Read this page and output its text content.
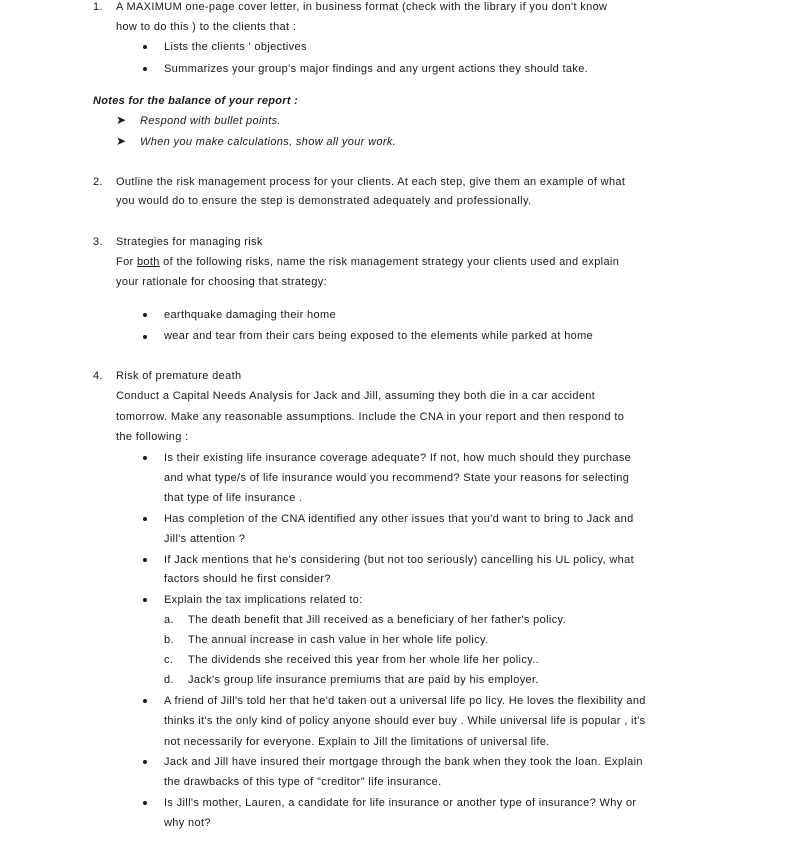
1. A MAXIMUM one-page cover letter, in business format (check with the library if you don't know
how to do this ) to the clients that :
Lists the clients ' objectives
Summarizes your group's major findings and any urgent actions they should take.
Notes for the balance of your report :
➤ Respond with bullet points.
➤ When you make calculations, show all your work.
2. Outline the risk management process for your clients. At each step, give them an example of what
you would do to ensure the step is demonstrated adequately and professionally.
3. Strategies for managing risk
For both of the following risks, name the risk management strategy your clients used and explain
your rationale for choosing that strategy:
earthquake damaging their home
wear and tear from their cars being exposed to the elements while parked at home
4. Risk of premature death
Conduct a Capital Needs Analysis for Jack and Jill, assuming they both die in a car accident
tomorrow. Make any reasonable assumptions. Include the CNA in your report and then respond to
the following :
Is their existing life insurance coverage adequate? If not, how much should they purchase
and what type/s of life insurance would you recommend? State your reasons for selecting
that type of life insurance .
Has completion of the CNA identified any other issues that you'd want to bring to Jack and
Jill's attention ?
If Jack mentions that he's considering (but not too seriously) cancelling his UL policy, what
factors should he first consider?
Explain the tax implications related to:
a. The death benefit that Jill received as a beneficiary of her father's policy.
b. The annual increase in cash value in her whole life policy.
c. The dividends she received this year from her whole life her policy..
d. Jack's group life insurance premiums that are paid by his employer.
A friend of Jill's told her that he'd taken out a universal life po licy. He loves the flexibility and
thinks it's the only kind of policy anyone should ever buy . While universal life is popular , it's
not necessarily for everyone. Explain to Jill the limitations of universal life.
Jack and Jill have insured their mortgage through the bank when they took the loan. Explain
the drawbacks of this type of "creditor" life insurance.
Is Jill's mother, Lauren, a candidate for life insurance or another type of insurance? Why or
why not?
